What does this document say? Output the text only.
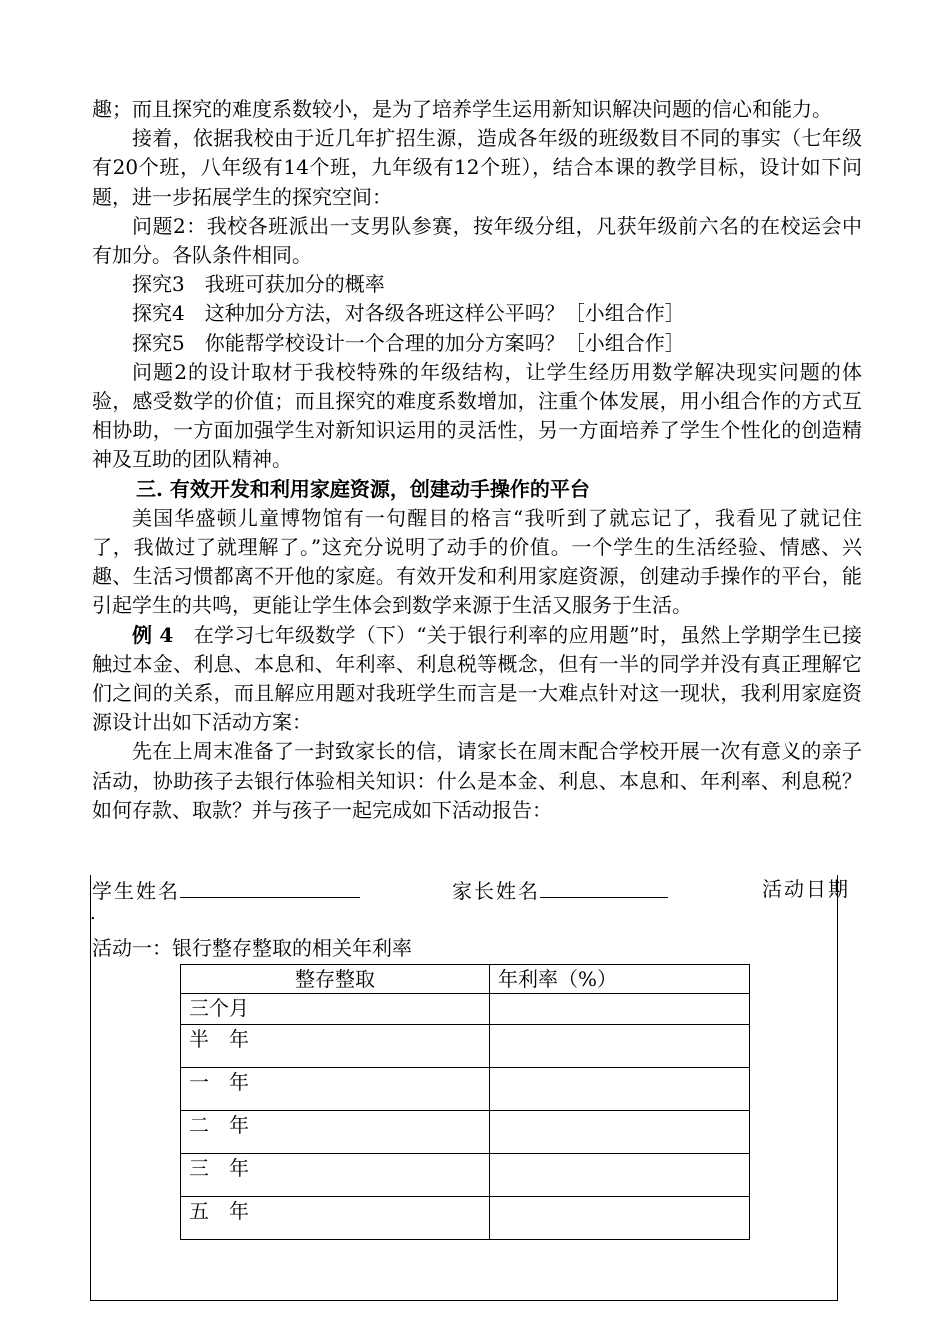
趣；而且探究的难度系数较小，是为了培养学生运用新知识解决问题的信心和能力。

接着，依据我校由于近几年扩招生源，造成各年级的班级数目不同的事实（七年级有20个班，八年级有14个班，九年级有12个班），结合本课的教学目标，设计如下问题，进一步拓展学生的探究空间：

问题2：我校各班派出一支男队参赛，按年级分组，凡获年级前六名的在校运会中有加分。各队条件相同。

探究3　我班可获加分的概率

探究4　这种加分方法，对各级各班这样公平吗？［小组合作］

探究5　你能帮学校设计一个合理的加分方案吗？［小组合作］

问题2的设计取材于我校特殊的年级结构，让学生经历用数学解决现实问题的体验，感受数学的价值；而且探究的难度系数增加，注重个体发展，用小组合作的方式互相协助，一方面加强学生对新知识运用的灵活性，另一方面培养了学生个性化的创造精神及互助的团队精神。

三. 有效开发和利用家庭资源，创建动手操作的平台

美国华盛顿儿童博物馆有一句醒目的格言“我听到了就忘记了，我看见了就记住了，我做过了就理解了。”这充分说明了动手的价值。一个学生的生活经验、情感、兴趣、生活习惯都离不开他的家庭。有效开发和利用家庭资源，创建动手操作的平台，能引起学生的共鸣，更能让学生体会到数学来源于生活又服务于生活。

例 4　在学习七年级数学（下）“关于银行利率的应用题”时，虽然上学期学生已接触过本金、利息、本息和、年利率、利息税等概念，但有一半的同学并没有真正理解它们之间的关系，而且解应用题对我班学生而言是一大难点针对这一现状，我利用家庭资源设计出如下活动方案：

先在上周末准备了一封致家长的信，请家长在周末配合学校开展一次有意义的亲子活动，协助孩子去银行体验相关知识：什么是本金、利息、本息和、年利率、利息税？如何存款、取款？并与孩子一起完成如下活动报告：

学生姓名	家长姓名	活动日期
.
活动一：银行整存整取的相关年利率
整存整取	年利率（%）
三个月	
半　年	
一　年	
二　年	
三　年	
五　年	
